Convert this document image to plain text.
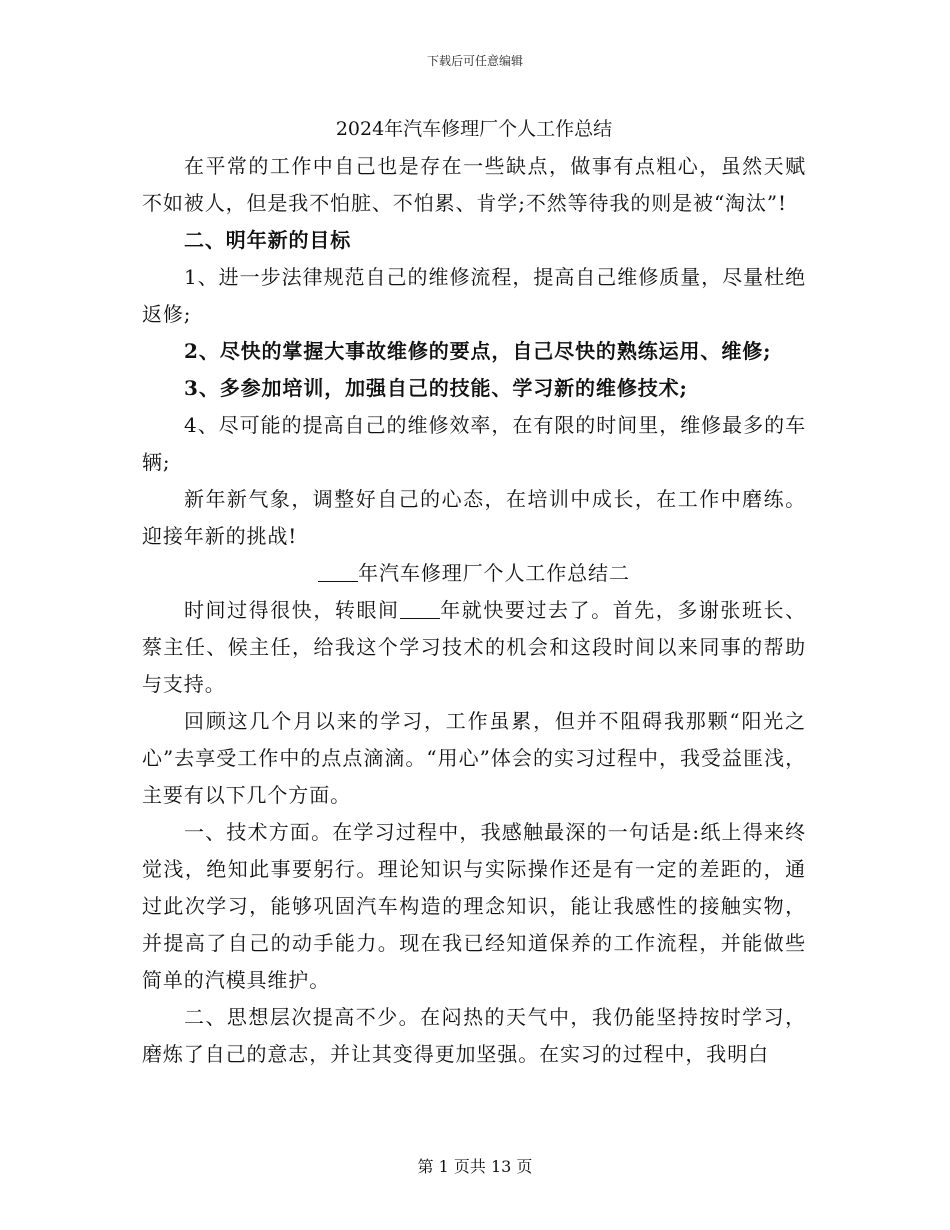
下载后可任意编辑
2024年汽车修理厂个人工作总结

在平常的工作中自己也是存在一些缺点，做事有点粗心，虽然天赋不如被人，但是我不怕脏、不怕累、肯学;不然等待我的则是被“淘汰”!

二、明年新的目标

1、进一步法律规范自己的维修流程，提高自己维修质量，尽量杜绝返修;

2、尽快的掌握大事故维修的要点，自己尽快的熟练运用、维修;

3、多参加培训，加强自己的技能、学习新的维修技术;

4、尽可能的提高自己的维修效率，在有限的时间里，维修最多的车辆;

新年新气象，调整好自己的心态，在培训中成长，在工作中磨练。迎接年新的挑战!

年汽车修理厂个人工作总结二

时间过得很快，转眼间 年就快要过去了。首先，多谢张班长、蔡主任、候主任，给我这个学习技术的机会和这段时间以来同事的帮助与支持。

回顾这几个月以来的学习，工作虽累，但并不阻碍我那颗“阳光之心”去享受工作中的点点滴滴。“用心”体会的实习过程中，我受益匪浅，主要有以下几个方面。

一、技术方面。在学习过程中，我感触最深的一句话是:纸上得来终觉浅，绝知此事要躬行。理论知识与实际操作还是有一定的差距的，通过此次学习，能够巩固汽车构造的理念知识，能让我感性的接触实物，并提高了自己的动手能力。现在我已经知道保养的工作流程，并能做些简单的汽模具维护。

二、思想层次提高不少。在闷热的天气中，我仍能坚持按时学习，磨炼了自己的意志，并让其变得更加坚强。在实习的过程中，我明白

第 1 页共 13 页
